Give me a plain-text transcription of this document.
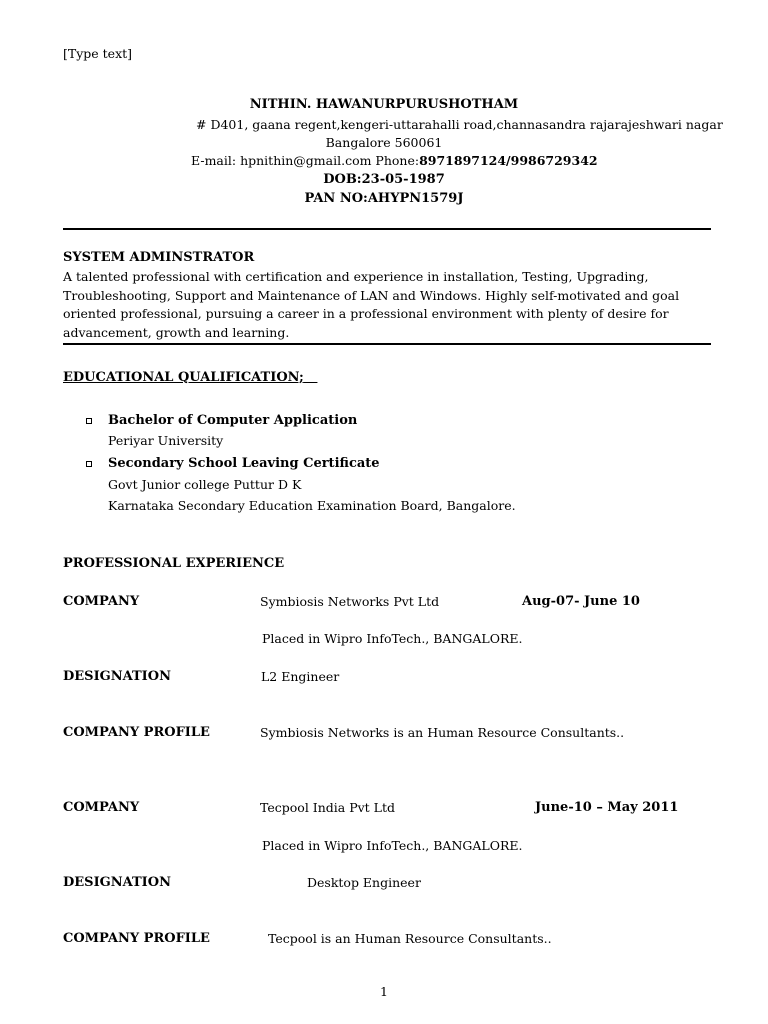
[Type text]
NITHIN. HAWANURPURUSHOTHAM
# D401, gaana regent,kengeri-uttarahalli road,channasandra rajarajeshwari nagar
Bangalore 560061
E-mail: hpnithin@gmail.com Phone:8971897124/9986729342
DOB:23-05-1987
PAN NO:AHYPN1579J
SYSTEM ADMINSTRATOR
A talented professional with certification and experience in installation, Testing, Upgrading, Troubleshooting, Support and Maintenance of LAN and Windows. Highly self-motivated and goal oriented professional, pursuing a career in a professional environment with plenty of desire for advancement, growth and learning.
EDUCATIONAL QUALIFICATION;
Bachelor of Computer Application
Periyar University
Secondary School Leaving Certificate
Govt Junior college Puttur D K
Karnataka Secondary Education Examination Board, Bangalore.
PROFESSIONAL EXPERIENCE
COMPANY	Symbiosis Networks Pvt Ltd	Aug-07- June 10
Placed in Wipro InfoTech., BANGALORE.
DESIGNATION	L2 Engineer
COMPANY PROFILE	Symbiosis Networks is an Human Resource Consultants..
COMPANY	Tecpool India Pvt Ltd	June-10 – May 2011
Placed in Wipro InfoTech., BANGALORE.
DESIGNATION	Desktop Engineer
COMPANY PROFILE	Tecpool is an Human Resource Consultants..
1
